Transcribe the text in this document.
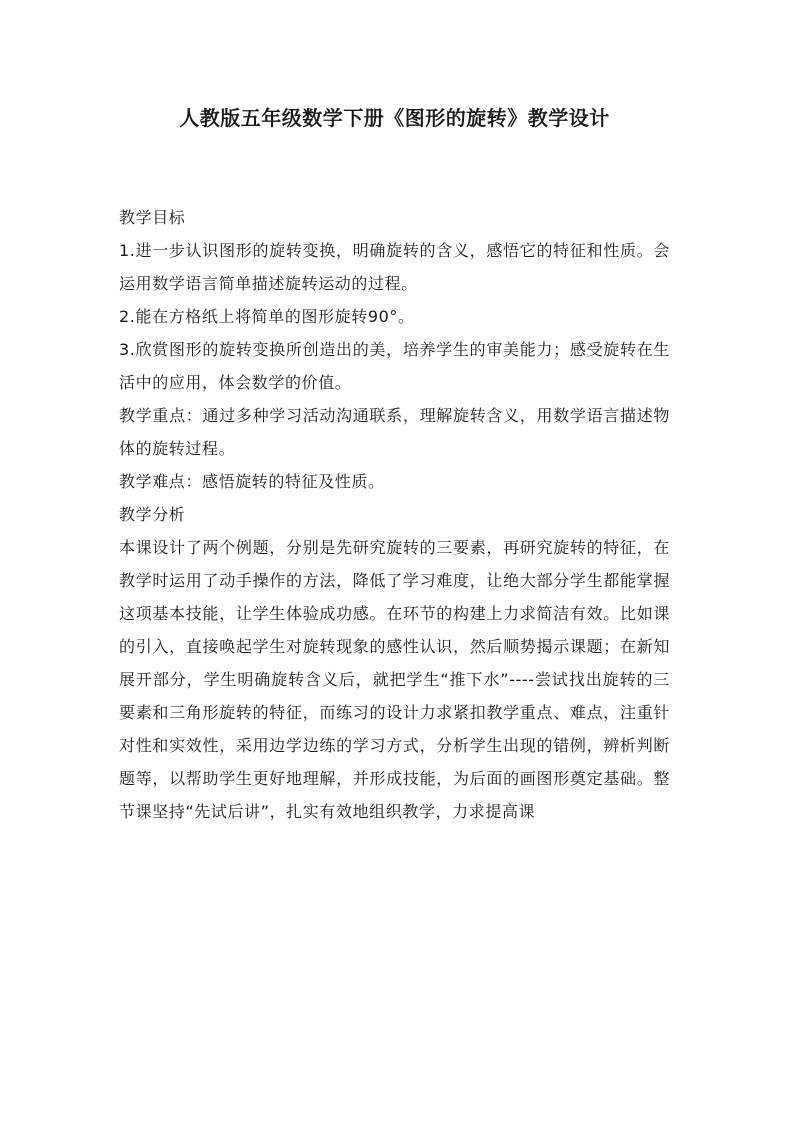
人教版五年级数学下册《图形的旋转》教学设计

教学目标

1.进一步认识图形的旋转变换，明确旋转的含义，感悟它的特征和性质。会运用数学语言简单描述旋转运动的过程。

2.能在方格纸上将简单的图形旋转90°。

3.欣赏图形的旋转变换所创造出的美，培养学生的审美能力；感受旋转在生活中的应用，体会数学的价值。

教学重点：通过多种学习活动沟通联系，理解旋转含义，用数学语言描述物体的旋转过程。

教学难点：感悟旋转的特征及性质。

教学分析

本课设计了两个例题，分别是先研究旋转的三要素，再研究旋转的特征，在教学时运用了动手操作的方法，降低了学习难度，让绝大部分学生都能掌握这项基本技能，让学生体验成功感。在环节的构建上力求简洁有效。比如课的引入，直接唤起学生对旋转现象的感性认识，然后顺势揭示课题；在新知展开部分，学生明确旋转含义后，就把学生“推下水”----尝试找出旋转的三要素和三角形旋转的特征，而练习的设计力求紧扣教学重点、难点，注重针对性和实效性，采用边学边练的学习方式，分析学生出现的错例，辨析判断题等，以帮助学生更好地理解，并形成技能，为后面的画图形奠定基础。整节课坚持“先试后讲”，扎实有效地组织教学，力求提高课
